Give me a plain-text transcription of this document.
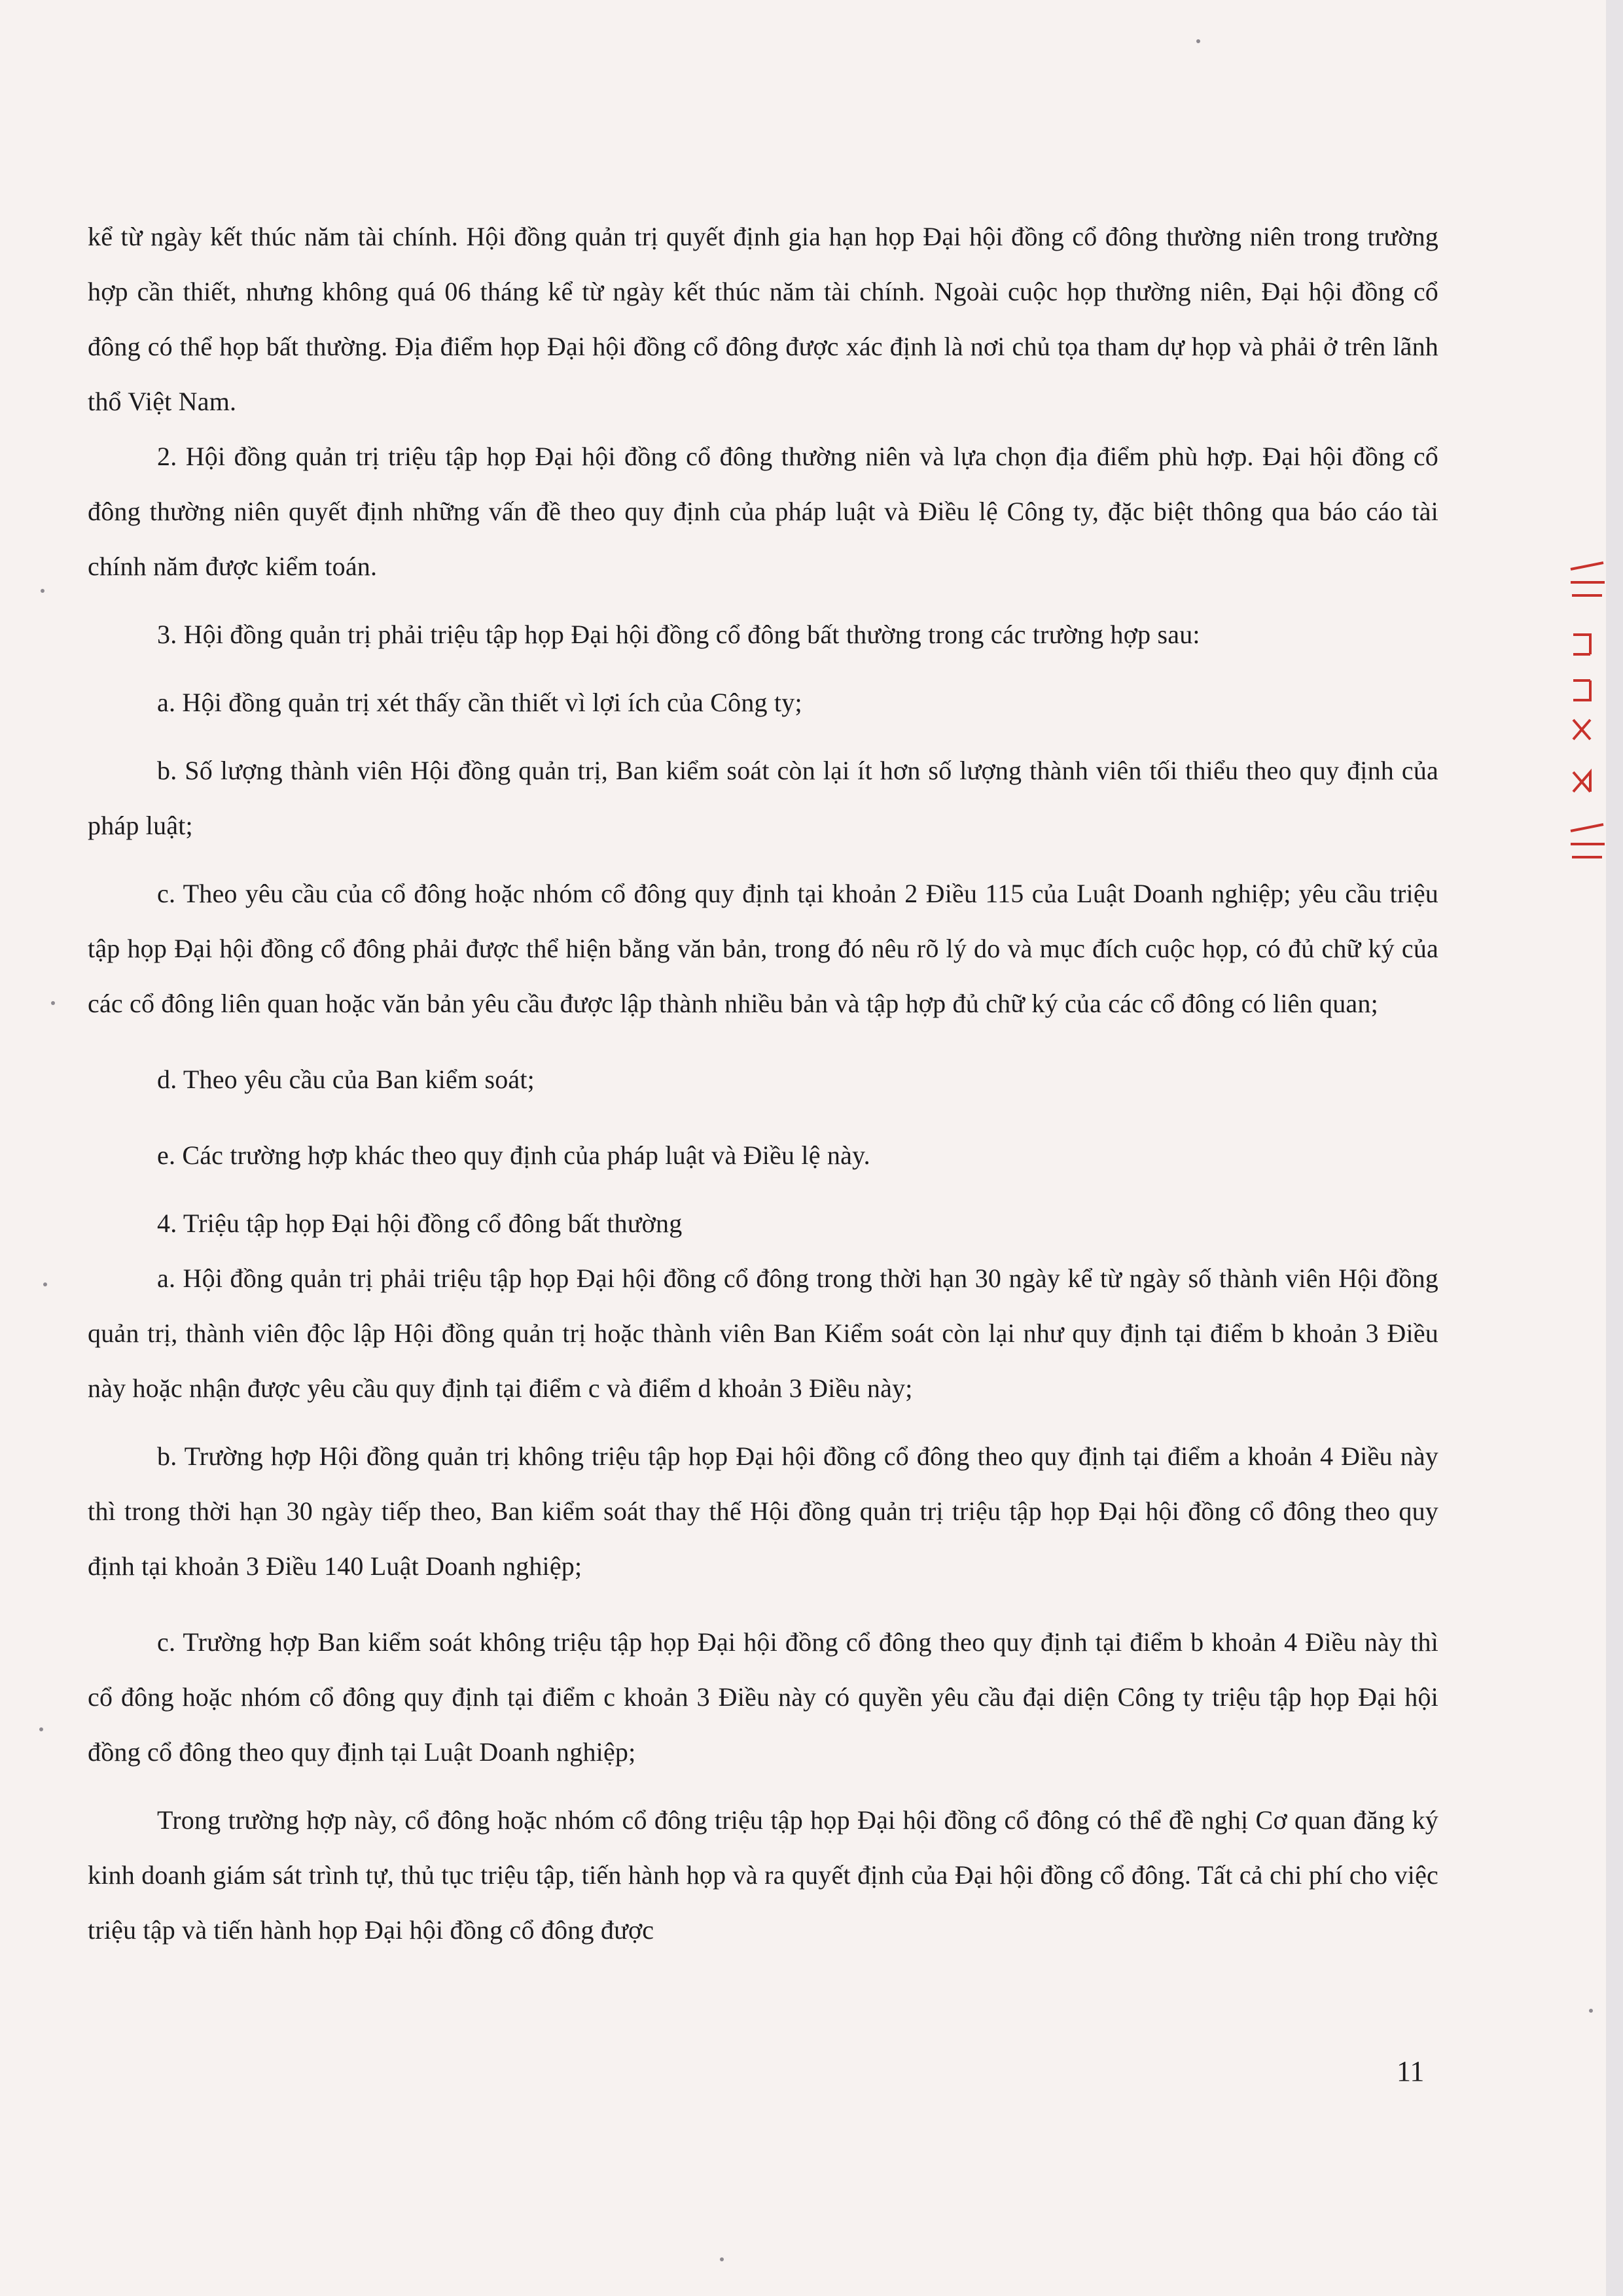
kể từ ngày kết thúc năm tài chính. Hội đồng quản trị quyết định gia hạn họp Đại hội đồng cổ đông thường niên trong trường hợp cần thiết, nhưng không quá 06 tháng kể từ ngày kết thúc năm tài chính. Ngoài cuộc họp thường niên, Đại hội đồng cổ đông có thể họp bất thường. Địa điểm họp Đại hội đồng cổ đông được xác định là nơi chủ tọa tham dự họp và phải ở trên lãnh thổ Việt Nam.

2. Hội đồng quản trị triệu tập họp Đại hội đồng cổ đông thường niên và lựa chọn địa điểm phù hợp. Đại hội đồng cổ đông thường niên quyết định những vấn đề theo quy định của pháp luật và Điều lệ Công ty, đặc biệt thông qua báo cáo tài chính năm được kiểm toán.

3. Hội đồng quản trị phải triệu tập họp Đại hội đồng cổ đông bất thường trong các trường hợp sau:

a. Hội đồng quản trị xét thấy cần thiết vì lợi ích của Công ty;

b. Số lượng thành viên Hội đồng quản trị, Ban kiểm soát còn lại ít hơn số lượng thành viên tối thiểu theo quy định của pháp luật;

c. Theo yêu cầu của cổ đông hoặc nhóm cổ đông quy định tại khoản 2 Điều 115 của Luật Doanh nghiệp; yêu cầu triệu tập họp Đại hội đồng cổ đông phải được thể hiện bằng văn bản, trong đó nêu rõ lý do và mục đích cuộc họp, có đủ chữ ký của các cổ đông liên quan hoặc văn bản yêu cầu được lập thành nhiều bản và tập hợp đủ chữ ký của các cổ đông có liên quan;

d. Theo yêu cầu của Ban kiểm soát;

e. Các trường hợp khác theo quy định của pháp luật và Điều lệ này.

4. Triệu tập họp Đại hội đồng cổ đông bất thường

a. Hội đồng quản trị phải triệu tập họp Đại hội đồng cổ đông trong thời hạn 30 ngày kể từ ngày số thành viên Hội đồng quản trị, thành viên độc lập Hội đồng quản trị hoặc thành viên Ban Kiểm soát còn lại như quy định tại điểm b khoản 3 Điều này hoặc nhận được yêu cầu quy định tại điểm c và điểm d khoản 3 Điều này;

b. Trường hợp Hội đồng quản trị không triệu tập họp Đại hội đồng cổ đông theo quy định tại điểm a khoản 4 Điều này thì trong thời hạn 30 ngày tiếp theo, Ban kiểm soát thay thế Hội đồng quản trị triệu tập họp Đại hội đồng cổ đông theo quy định tại khoản 3 Điều 140 Luật Doanh nghiệp;

c. Trường hợp Ban kiểm soát không triệu tập họp Đại hội đồng cổ đông theo quy định tại điểm b khoản 4 Điều này thì cổ đông hoặc nhóm cổ đông quy định tại điểm c khoản 3 Điều này có quyền yêu cầu đại diện Công ty triệu tập họp Đại hội đồng cổ đông theo quy định tại Luật Doanh nghiệp;

Trong trường hợp này, cổ đông hoặc nhóm cổ đông triệu tập họp Đại hội đồng cổ đông có thể đề nghị Cơ quan đăng ký kinh doanh giám sát trình tự, thủ tục triệu tập, tiến hành họp và ra quyết định của Đại hội đồng cổ đông. Tất cả chi phí cho việc triệu tập và tiến hành họp Đại hội đồng cổ đông được

11
